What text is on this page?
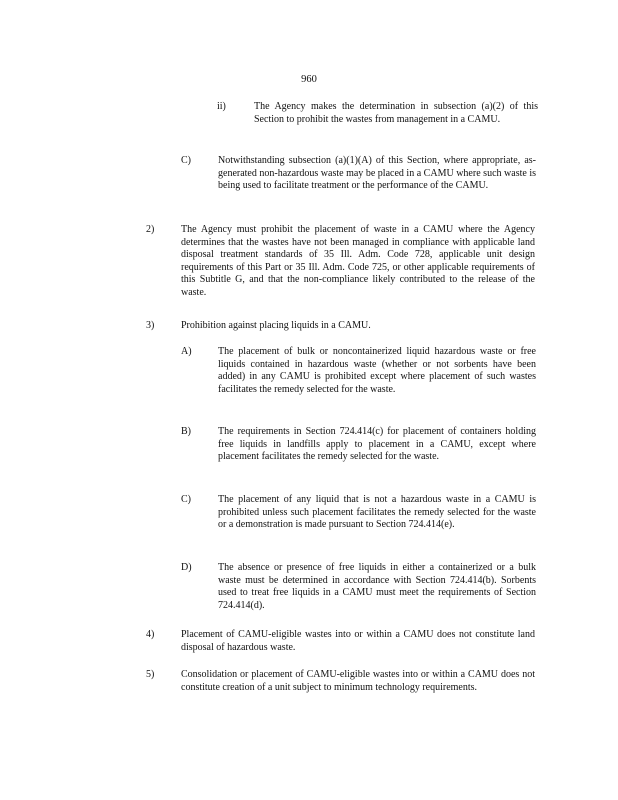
960
ii)	The Agency makes the determination in subsection (a)(2) of this Section to prohibit the wastes from management in a CAMU.
C)	Notwithstanding subsection (a)(1)(A) of this Section, where appropriate, as-generated non-hazardous waste may be placed in a CAMU where such waste is being used to facilitate treatment or the performance of the CAMU.
2)	The Agency must prohibit the placement of waste in a CAMU where the Agency determines that the wastes have not been managed in compliance with applicable land disposal treatment standards of 35 Ill. Adm. Code 728, applicable unit design requirements of this Part or 35 Ill. Adm. Code 725, or other applicable requirements of this Subtitle G, and that the non-compliance likely contributed to the release of the waste.
3)	Prohibition against placing liquids in a CAMU.
A)	The placement of bulk or noncontainerized liquid hazardous waste or free liquids contained in hazardous waste (whether or not sorbents have been added) in any CAMU is prohibited except where placement of such wastes facilitates the remedy selected for the waste.
B)	The requirements in Section 724.414(c) for placement of containers holding free liquids in landfills apply to placement in a CAMU, except where placement facilitates the remedy selected for the waste.
C)	The placement of any liquid that is not a hazardous waste in a CAMU is prohibited unless such placement facilitates the remedy selected for the waste or a demonstration is made pursuant to Section 724.414(e).
D)	The absence or presence of free liquids in either a containerized or a bulk waste must be determined in accordance with Section 724.414(b). Sorbents used to treat free liquids in a CAMU must meet the requirements of Section 724.414(d).
4)	Placement of CAMU-eligible wastes into or within a CAMU does not constitute land disposal of hazardous waste.
5)	Consolidation or placement of CAMU-eligible wastes into or within a CAMU does not constitute creation of a unit subject to minimum technology requirements.
